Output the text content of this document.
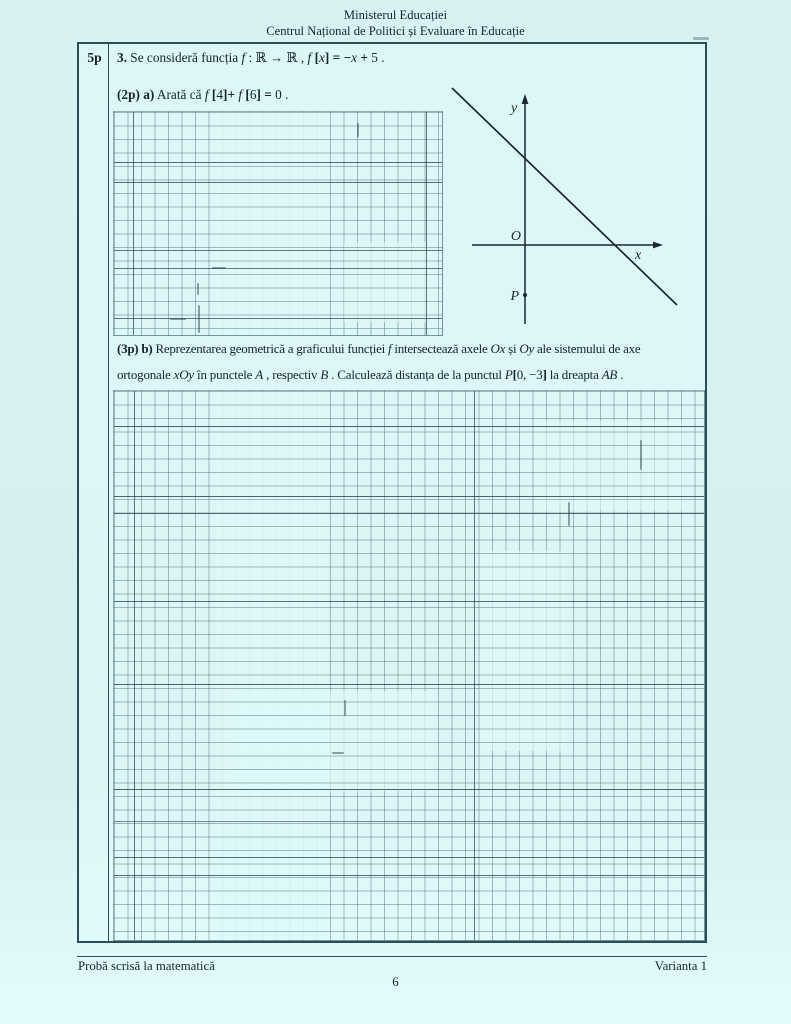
Ministerul Educației
Centrul Național de Politici și Evaluare în Educație
5p	3. Se consideră funcția f : ℝ → ℝ , f [x] = −x + 5 .
(2p) a) Arată că f [4]+ f [6] = 0 .
y
O
x
P
(3p) b) Reprezentarea geometrică a graficului funcției f intersectează axele Ox și Oy ale sistemului de axe
ortogonale xOy în punctele A , respectiv B . Calculează distanța de la punctul P[0, −3] la dreapta AB .
Probă scrisă la matematică	Varianta 1
6
